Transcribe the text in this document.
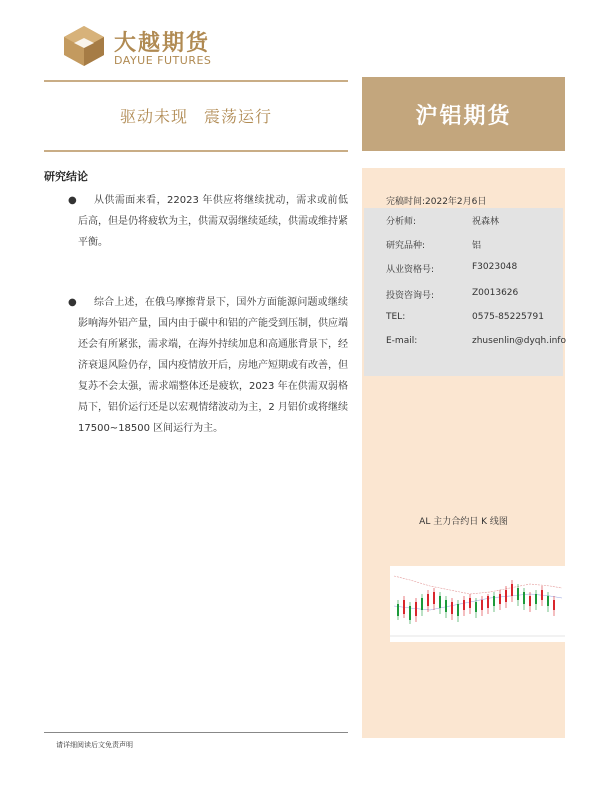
大越期货
DAYUE FUTURES
驱动未现 震荡运行	沪铝期货
研究结论
●	从供需面来看，22023 年供应将继续扰动，需求或前低后高，但是仍将疲软为主，供需双弱继续延续，供需或维持紧平衡。

●	综合上述，在俄乌摩擦背景下，国外方面能源问题或继续影响海外铝产量，国内由于碳中和铝的产能受到压制，供应端还会有所紧张，需求端，在海外持续加息和高通胀背景下，经济衰退风险仍存，国内疫情放开后，房地产短期或有改善，但复苏不会太强，需求端整体还是疲软，2023 年在供需双弱格局下，铝价运行还是以宏观情绪波动为主，2 月铝价或将继续 17500~18500 区间运行为主。

完稿时间:2022年2月6日
分析师:	祝森林
研究品种:	铝
从业资格号:	F3023048
投资咨询号:	Z0013626
TEL:	0575-85225791
E-mail:	zhusenlin@dyqh.info
AL 主力合约日 K 线图
请详细阅读后文免责声明
